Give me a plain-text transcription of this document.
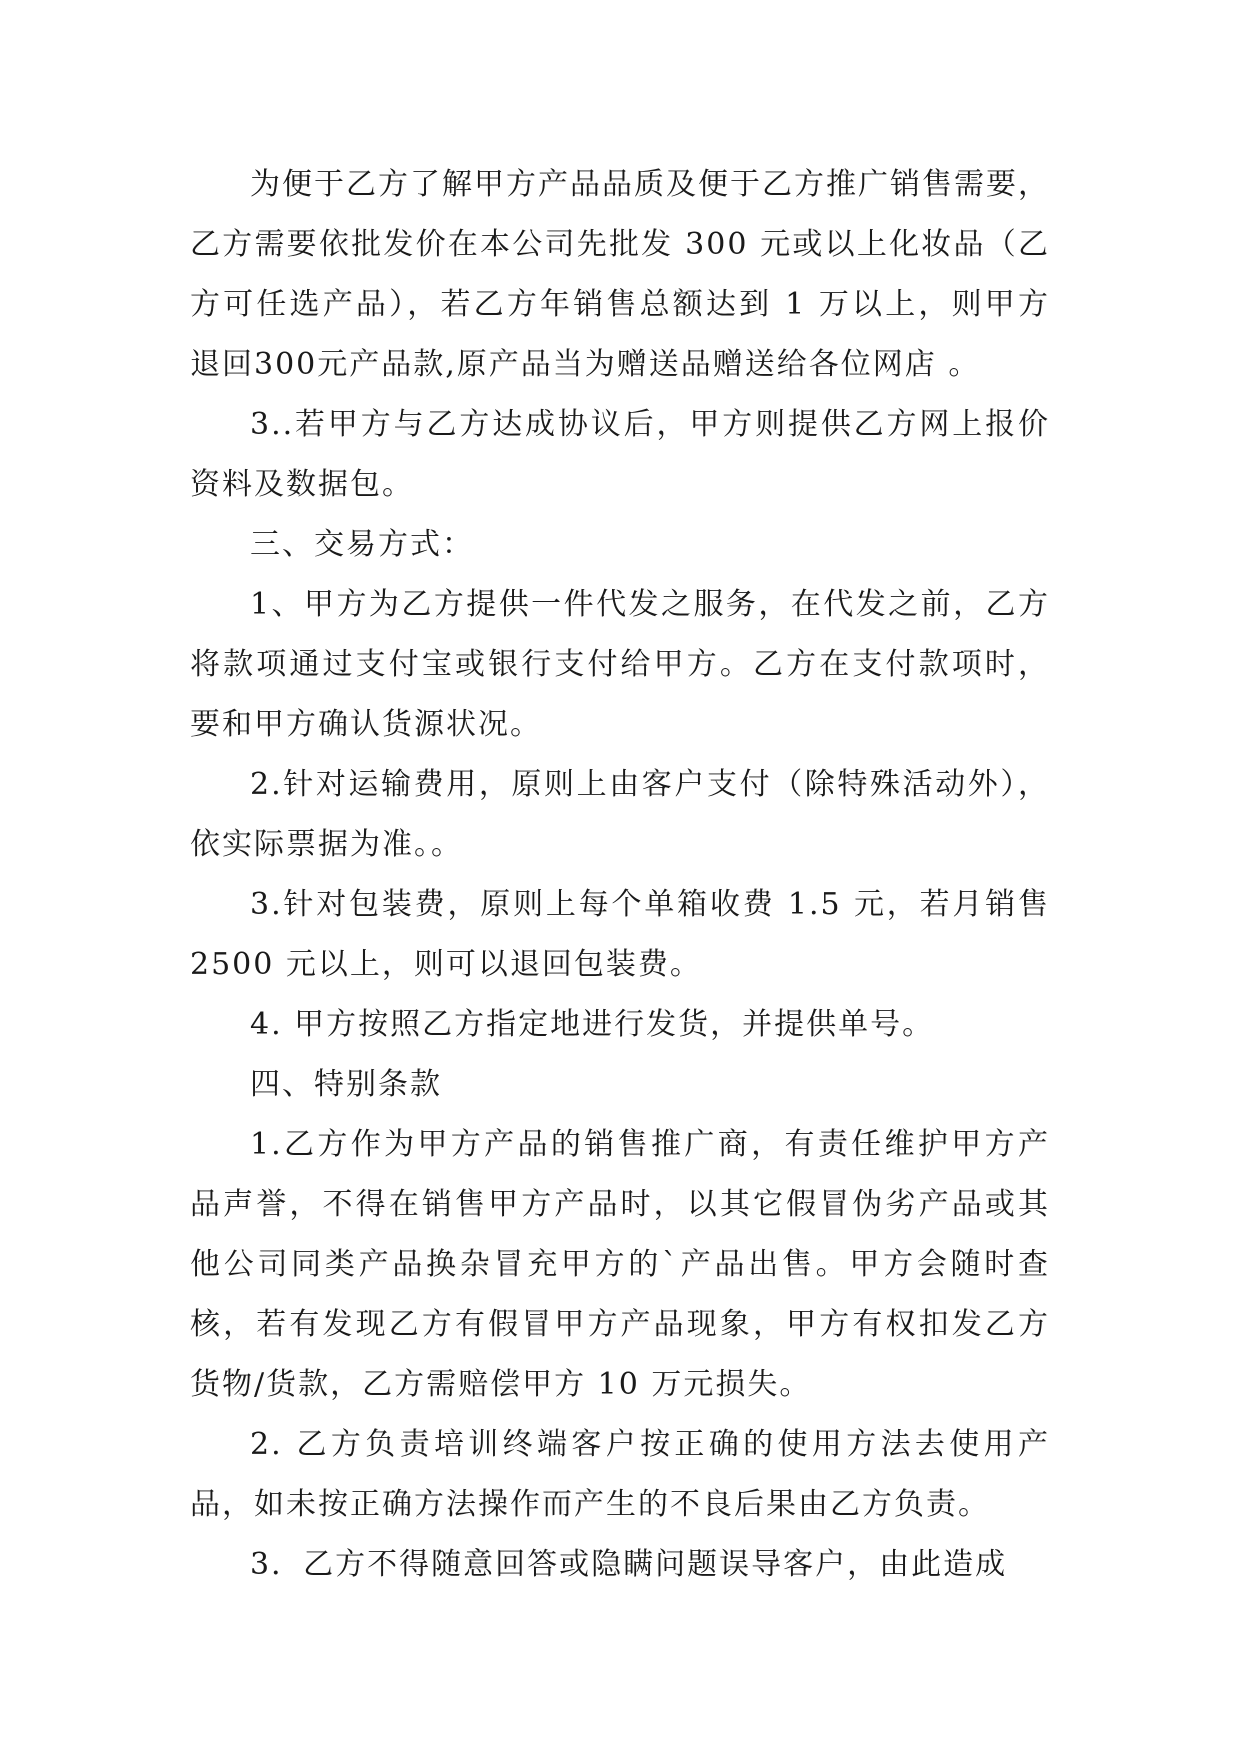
为便于乙方了解甲方产品品质及便于乙方推广销售需要，乙方需要依批发价在本公司先批发 300 元或以上化妆品（乙方可任选产品），若乙方年销售总额达到 1 万以上，则甲方退回300元产品款,原产品当为赠送品赠送给各位网店 。

3..若甲方与乙方达成协议后，甲方则提供乙方网上报价资料及数据包。

三、交易方式：

1、甲方为乙方提供一件代发之服务，在代发之前，乙方将款项通过支付宝或银行支付给甲方。乙方在支付款项时，要和甲方确认货源状况。

2.针对运输费用，原则上由客户支付（除特殊活动外），依实际票据为准。。

3.针对包装费，原则上每个单箱收费 1.5 元，若月销售 2500 元以上，则可以退回包装费。

4. 甲方按照乙方指定地进行发货，并提供单号。

四、特别条款

1.乙方作为甲方产品的销售推广商，有责任维护甲方产品声誉，不得在销售甲方产品时，以其它假冒伪劣产品或其他公司同类产品换杂冒充甲方的`产品出售。甲方会随时查核，若有发现乙方有假冒甲方产品现象，甲方有权扣发乙方货物/货款，乙方需赔偿甲方 10 万元损失。

2. 乙方负责培训终端客户按正确的使用方法去使用产品，如未按正确方法操作而产生的不良后果由乙方负责。

3．乙方不得随意回答或隐瞒问题误导客户，由此造成
